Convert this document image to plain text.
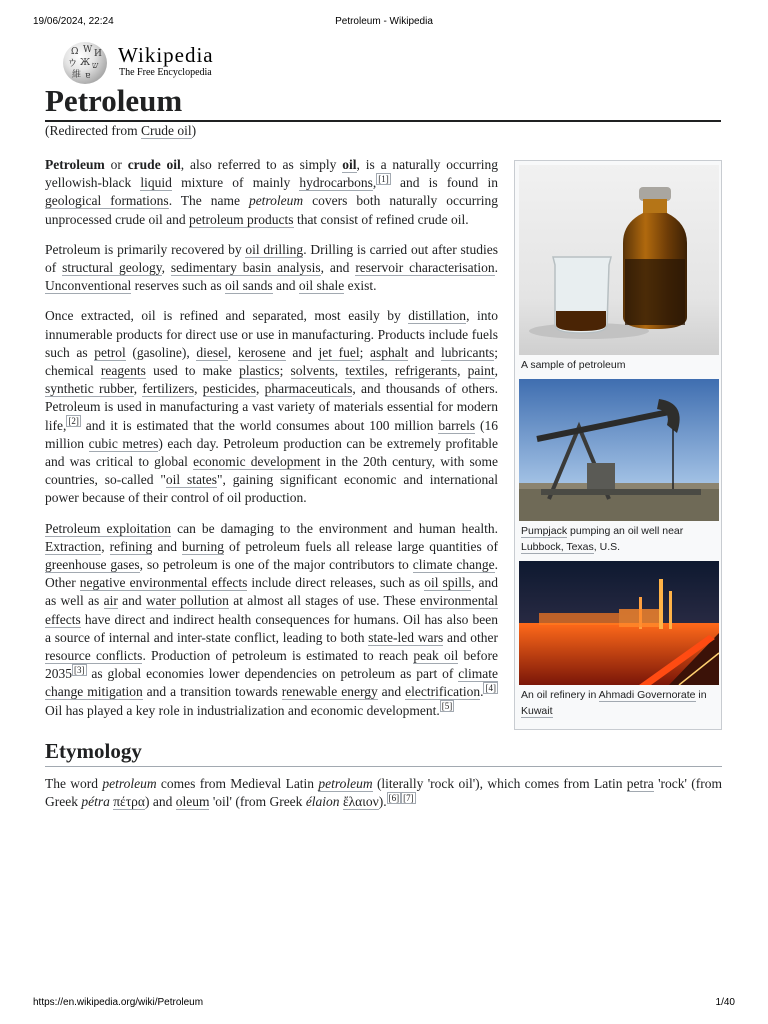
19/06/2024, 22:24	Petroleum - Wikipedia
Ω W И
ウ Ж ש
維 ɐ
Wikipedia
The Free Encyclopedia
Petroleum
(Redirected from Crude oil)
A sample of petroleum
Pumpjack pumping an oil well near Lubbock, Texas, U.S.
An oil refinery in Ahmadi Governorate in Kuwait

Petroleum or crude oil, also referred to as simply oil, is a naturally occurring yellowish-black liquid mixture of mainly hydrocarbons, [1] and is found in geological formations. The name petroleum covers both naturally occurring unprocessed crude oil and petroleum products that consist of refined crude oil.

Petroleum is primarily recovered by oil drilling. Drilling is carried out after studies of structural geology, sedimentary basin analysis, and reservoir characterisation. Unconventional reserves such as oil sands and oil shale exist.

Once extracted, oil is refined and separated, most easily by distillation, into innumerable products for direct use or use in manufacturing. Products include fuels such as petrol (gasoline), diesel, kerosene and jet fuel; asphalt and lubricants; chemical reagents used to make plastics; solvents, textiles, refrigerants, paint, synthetic rubber, fertilizers, pesticides, pharmaceuticals, and thousands of others. Petroleum is used in manufacturing a vast variety of materials essential for modern life, [2] and it is estimated that the world consumes about 100 million barrels (16 million cubic metres) each day. Petroleum production can be extremely profitable and was critical to global economic development in the 20th century, with some countries, so-called "oil states", gaining significant economic and international power because of their control of oil production.

Petroleum exploitation can be damaging to the environment and human health. Extraction, refining and burning of petroleum fuels all release large quantities of greenhouse gases, so petroleum is one of the major contributors to climate change. Other negative environmental effects include direct releases, such as oil spills, and as well as air and water pollution at almost all stages of use. These environmental effects have direct and indirect health consequences for humans. Oil has also been a source of internal and inter-state conflict, leading to both state-led wars and other resource conflicts. Production of petroleum is estimated to reach peak oil before 2035 [3] as global economies lower dependencies on petroleum as part of climate change mitigation and a transition towards renewable energy and electrification. [4] Oil has played a key role in industrialization and economic development. [5]

Etymology

The word petroleum comes from Medieval Latin petroleum (literally 'rock oil'), which comes from Latin petra 'rock' (from Greek pétra πέτρα) and oleum 'oil' (from Greek élaion ἔλαιον). [6] [7]

https://en.wikipedia.org/wiki/Petroleum	1/40
